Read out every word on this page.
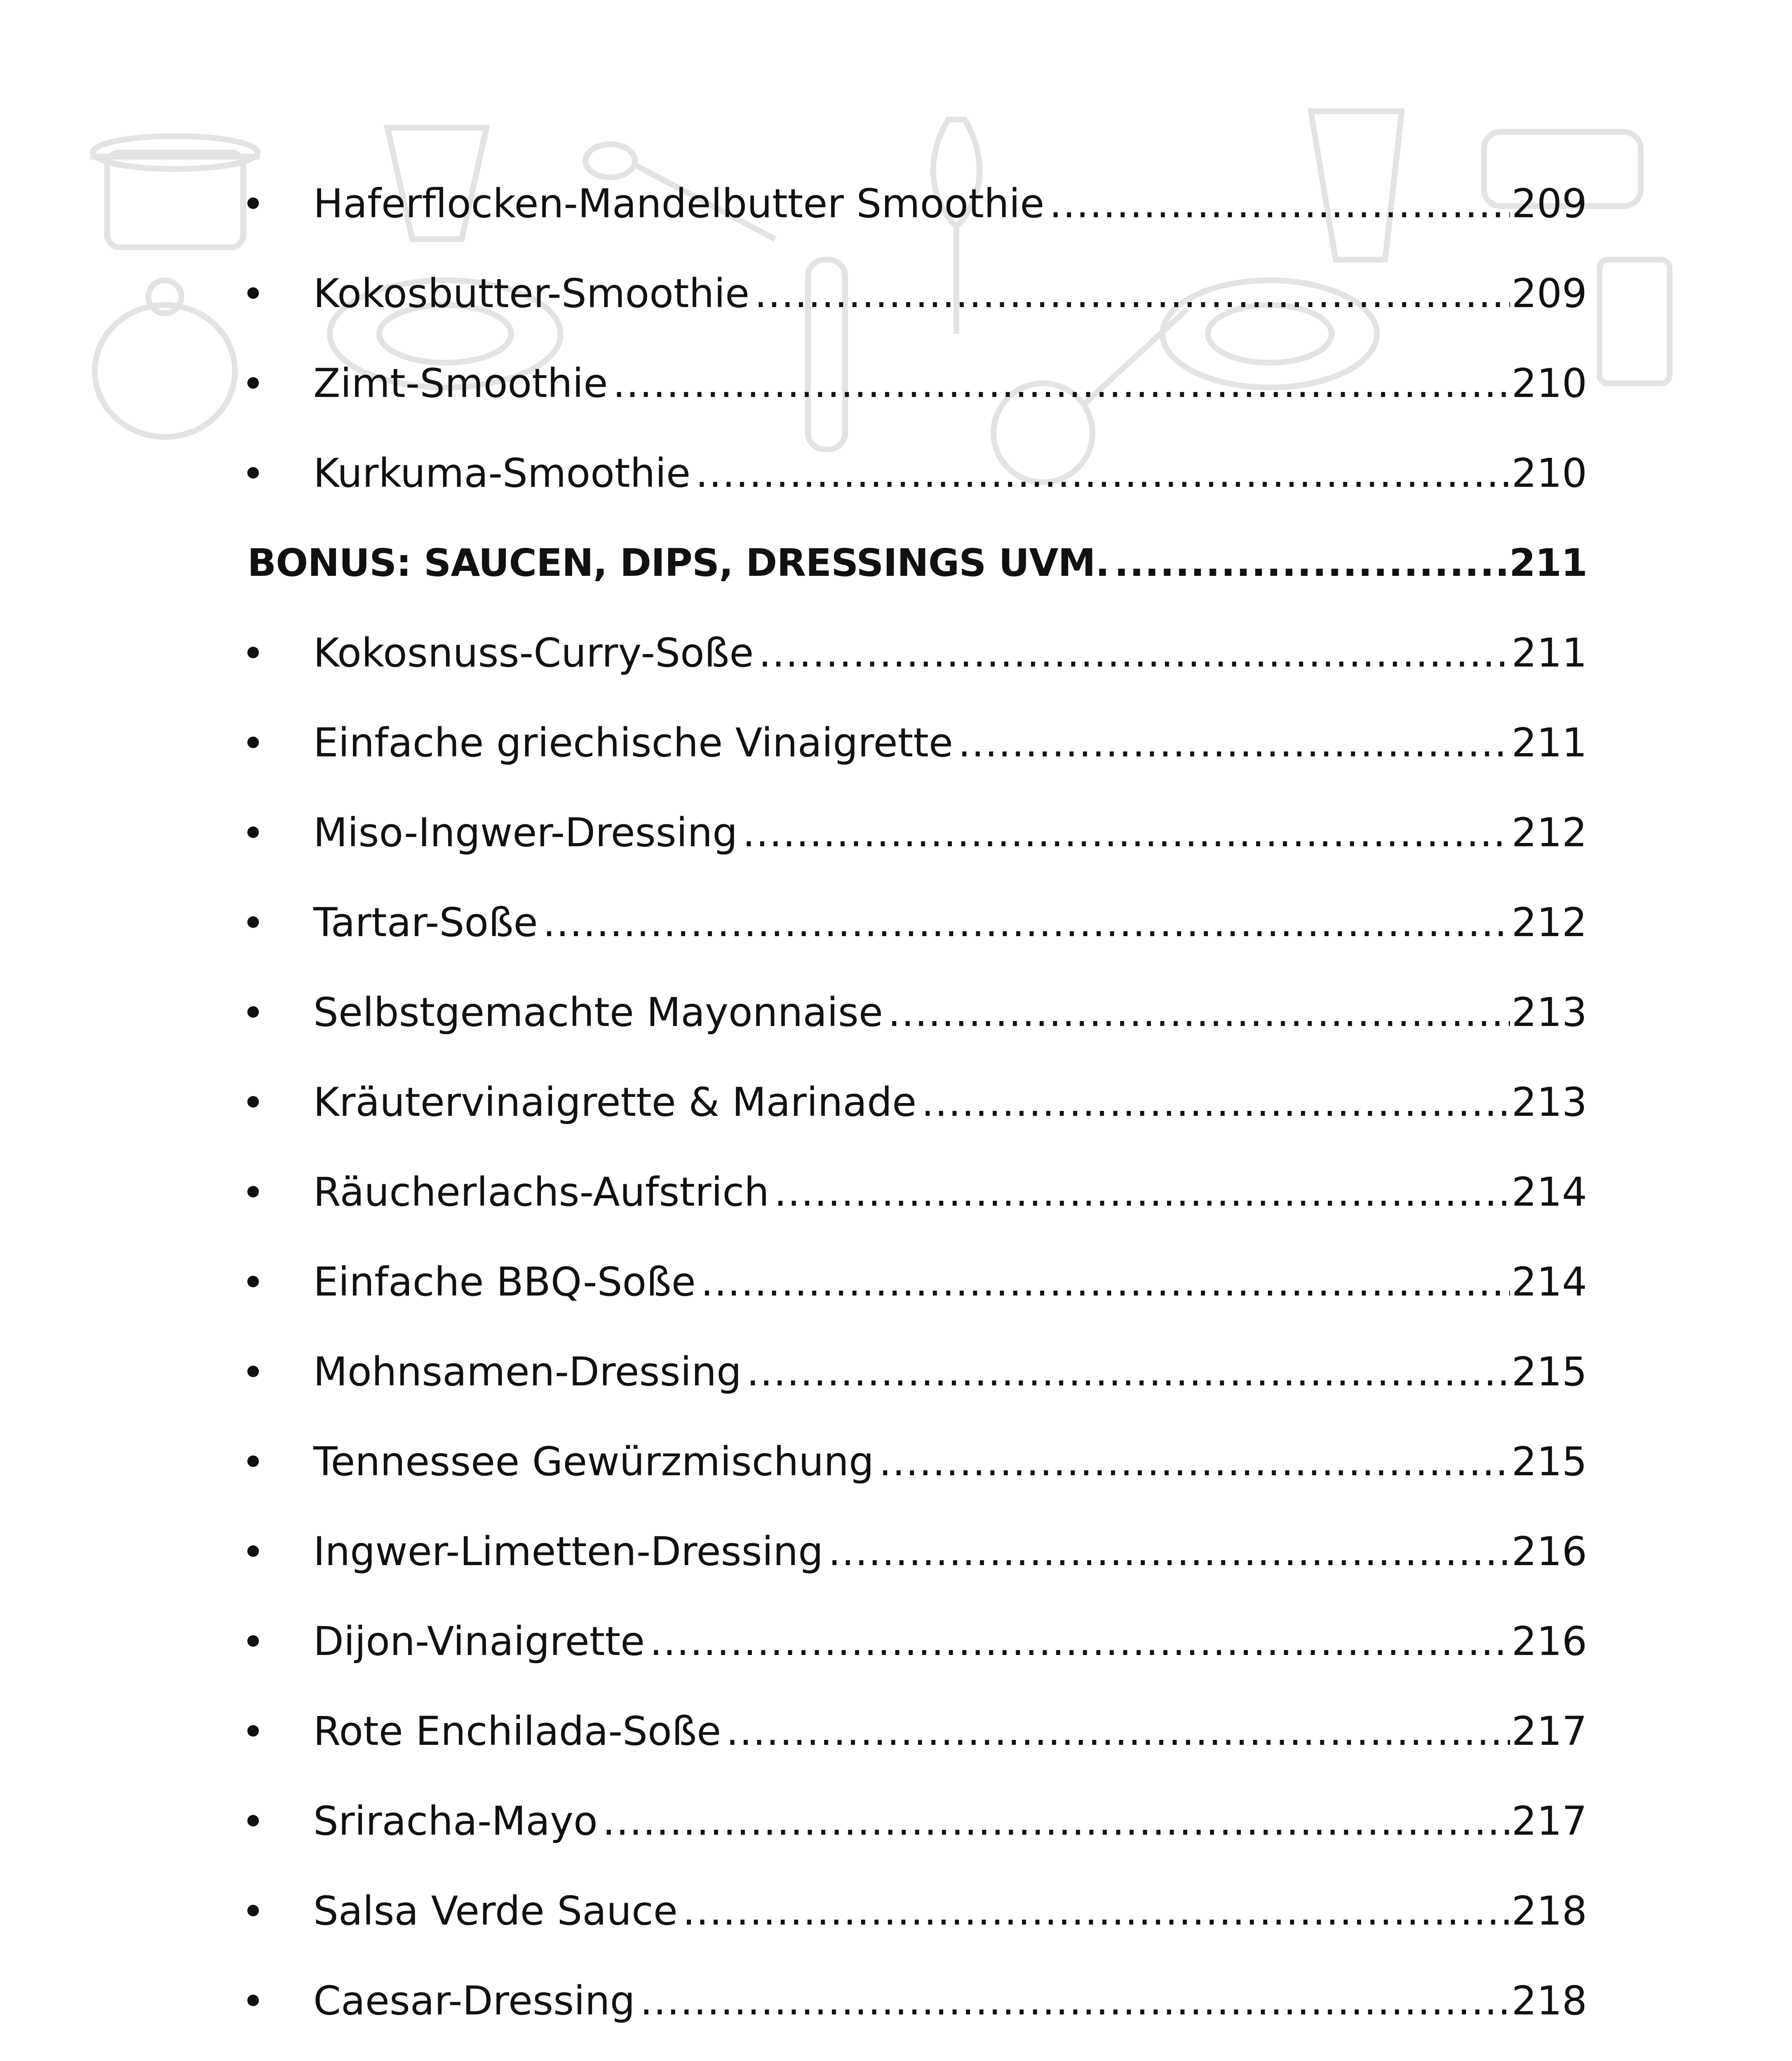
Haferflocken-Mandelbutter Smoothie .....	209
Kokosbutter-Smoothie .....	209
Zimt-Smoothie .....	210
Kurkuma-Smoothie .....	210
BONUS: SAUCEN, DIPS, DRESSINGS UVM. .....	211
Kokosnuss-Curry-Soße .....	211
Einfache griechische Vinaigrette .....	211
Miso-Ingwer-Dressing .....	212
Tartar-Soße .....	212
Selbstgemachte Mayonnaise .....	213
Kräutervinaigrette & Marinade .....	213
Räucherlachs-Aufstrich .....	214
Einfache BBQ-Soße .....	214
Mohnsamen-Dressing .....	215
Tennessee Gewürzmischung .....	215
Ingwer-Limetten-Dressing .....	216
Dijon-Vinaigrette .....	216
Rote Enchilada-Soße .....	217
Sriracha-Mayo .....	217
Salsa Verde Sauce .....	218
Caesar-Dressing .....	218
.....
